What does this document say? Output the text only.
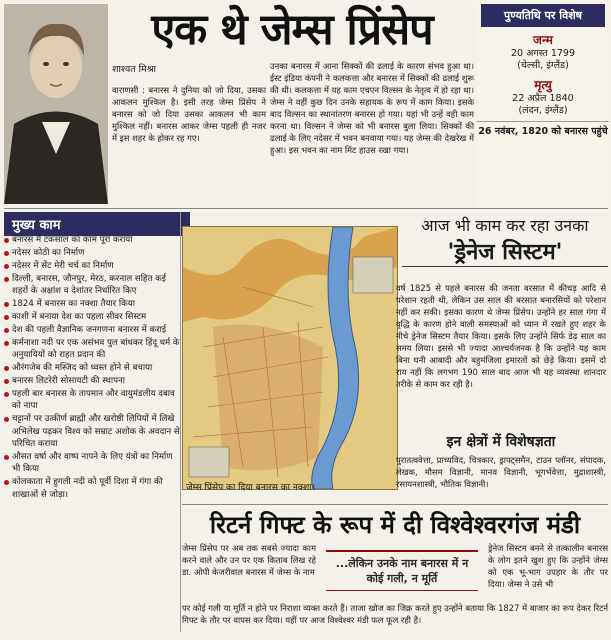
एक थे जेम्स प्रिंसेप
शाश्वत मिश्रा
पुण्यतिथि पर विशेष
जन्म
20 अगस्त 1799
(चेल्सी, इंग्लैंड)
मृत्यु
22 अप्रैल 1840
(लंदन, इंग्लैंड)
26 नवंबर, 1820 को बनारस पहुंचे
वाराणसी : बनारस ने दुनिया को जो दिया, उसका आकलन मुश्किल है। इसी तरह जेम्स प्रिंसेप ने बनारस को जो दिया उसका आकलन भी काम मुश्किल नहीं। बनारस आकर जेम्स पहली ही नजर में इस शहर के होकर रह गए।
उनका बनारस में आना सिक्कों की ढलाई के कारण संभव हुआ था। ईस्ट इंडिया कंपनी ने कलकत्ता और बनारस में सिक्कों की ढलाई शुरू की थी। कलकत्ता में यह काम एचएन विल्सन के नेतृत्व में हो रहा था। जेम्स ने वहीं कुछ दिन उनके सहायक के रूप में काम किया। इसके बाद विल्सन का स्थानांतरण बनारस हो गया। यहां भी उन्हें वही काम करना था। विल्सन ने जेम्स को भी बनारस बुला लिया। सिक्कों की ढलाई के लिए नदेसर में भवन बनवाया गया। यह जेम्स की देखरेख में हुआ। इस भवन का नाम मिंट हाउस रखा गया।
मुख्य काम
बनारस में टकसाल का काम पूरा कराया
नदेसर कोठी का निर्माण
नदेसर में सेंट मेरी चर्च का निर्माण
दिल्ली, बनारस, जौनपुर, मेरठ, करनाल सहित कई शहरों के अक्षांश व देशांतर निर्धारित किए
1824 में बनारस का नक्शा तैयार किया
काशी में बनाया देश का पहला सीवर सिस्टम
देश की पहली वैज्ञानिक जनगणना बनारस में कराई
कर्मनाशा नदी पर एक असंभव पुल बांधकर हिंदू धर्म के अनुयायियों को राहत प्रदान की
औरंगजेब की मस्जिद को ध्वस्त होने से बचाया
बनारस लिटरेरी सोसायटी की स्थापना
पहली बार बनारस के तापमान और वायुमंडलीय दबाव को नापा
चट्टानों पर उत्कीर्ण ब्राह्मी और खरोष्ठी लिपियों में लिखे अभिलेख पढ़कर विश्व को सम्राट अशोक के अवदान से परिचित कराया
औसत वर्षा और वाष्प नापने के लिए यंत्रों का निर्माण भी किया
कोलकाता में हुगली नदी को पूर्वी दिशा में गंगा की शाखाओं से जोड़ा।
जेम्स प्रिंसेप का दिया बनारस का नक्शा।
आज भी काम कर रहा उनका
'ड्रेनेज सिस्टम'
वर्ष 1825 से पहले बनारस की जनता बरसात में कीचड़ आदि से परेशान रहती थी, लेकिन उस साल की बरसात बनारसियों को परेशान नहीं कर सकी। इसका कारण थे जेम्स प्रिंसेप। उन्होंने हर साल गंगा में वृद्धि के कारण होने वाली समस्याओं को ध्यान में रखते हुए शहर के नीचे ड्रेनेज सिस्टम तैयार किया। इसके लिए उन्होंने सिर्फ डेढ़ साल का समय लिया। इससे भी ज्यादा आश्चर्यजनक है कि उन्होंने यह काम बिना घनी आबादी और बहुमंजिला इमारतों को छेड़े किया। इसमें दो राय नहीं कि लगभग 190 साल बाद आज भी यह व्यवस्था शानदार तरीके से काम कर रही है।
इन क्षेत्रों में विशेषज्ञता
पुरातत्ववेत्ता, प्राच्यविद, चित्रकार, ड्राफ्ट्समैन, टाउन प्लॉनर, संपादक, लेखक, मौसम विज्ञानी, मानव विज्ञानी, भूगर्भवेत्ता, मुद्राशास्त्री, रसायनशास्त्री, भौतिक विज्ञानी।
रिटर्न गिफ्ट के रूप में दी विश्वेश्वरगंज मंडी
जेम्स प्रिंसेप पर अब तक सबसे ज्यादा काम करने वाले और उन पर एक किताब लिख रहे डा. ओपी केजरीवाल बनारस में जेम्स के नाम
...लेकिन उनके नाम बनारस में न कोई गली, न मूर्ति
ड्रेनेज सिस्टम बनने से तत्कालीन बनारस के लोग इतने खुश हुए कि उन्होंने जेम्स को एक भू-भाग उपहार के तौर पर दिया। जेम्स ने उसे भी
पर कोई गली या मूर्ति न होने पर निराशा व्यक्त करते हैं। ताजा खोज का जिक्र करते हुए उन्होंने बताया कि 1827 में बाजार का रूप देकर रिटर्न गिफ्ट के तौर पर वापस कर दिया। यहीं पर आज विश्वेश्वर मंडी फल फूल रही है।
